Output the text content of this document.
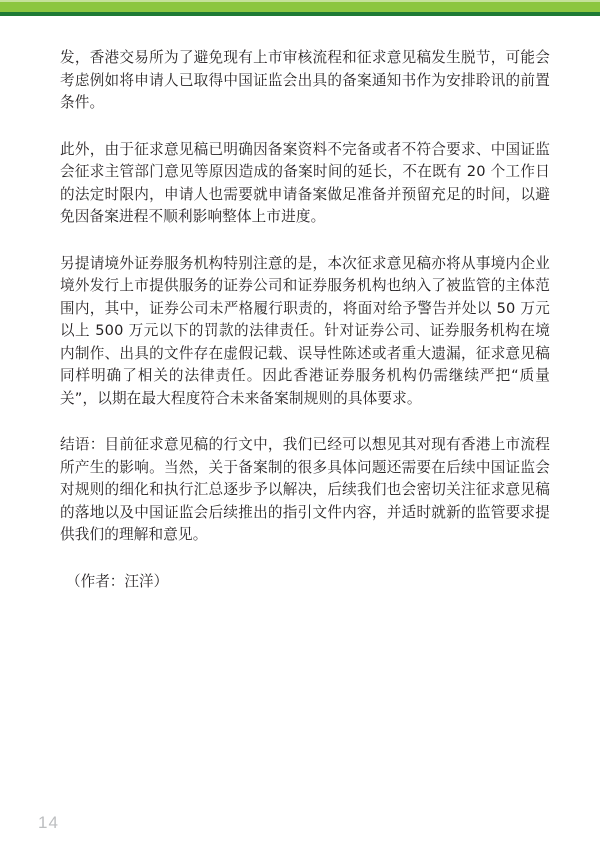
发，香港交易所为了避免现有上市审核流程和征求意见稿发生脱节，可能会考虑例如将申请人已取得中国证监会出具的备案通知书作为安排聆讯的前置条件。

此外，由于征求意见稿已明确因备案资料不完备或者不符合要求、中国证监会征求主管部门意见等原因造成的备案时间的延长，不在既有 20 个工作日的法定时限内，申请人也需要就申请备案做足准备并预留充足的时间，以避免因备案进程不顺利影响整体上市进度。

另提请境外证券服务机构特别注意的是，本次征求意见稿亦将从事境内企业境外发行上市提供服务的证券公司和证券服务机构也纳入了被监管的主体范围内，其中，证券公司未严格履行职责的，将面对给予警告并处以 50 万元以上 500 万元以下的罚款的法律责任。针对证券公司、证券服务机构在境内制作、出具的文件存在虚假记载、误导性陈述或者重大遗漏，征求意见稿同样明确了相关的法律责任。因此香港证券服务机构仍需继续严把“质量关”，以期在最大程度符合未来备案制规则的具体要求。

结语：目前征求意见稿的行文中，我们已经可以想见其对现有香港上市流程所产生的影响。当然，关于备案制的很多具体问题还需要在后续中国证监会对规则的细化和执行汇总逐步予以解决，后续我们也会密切关注征求意见稿的落地以及中国证监会后续推出的指引文件内容，并适时就新的监管要求提供我们的理解和意见。

（作者：汪洋）

14
